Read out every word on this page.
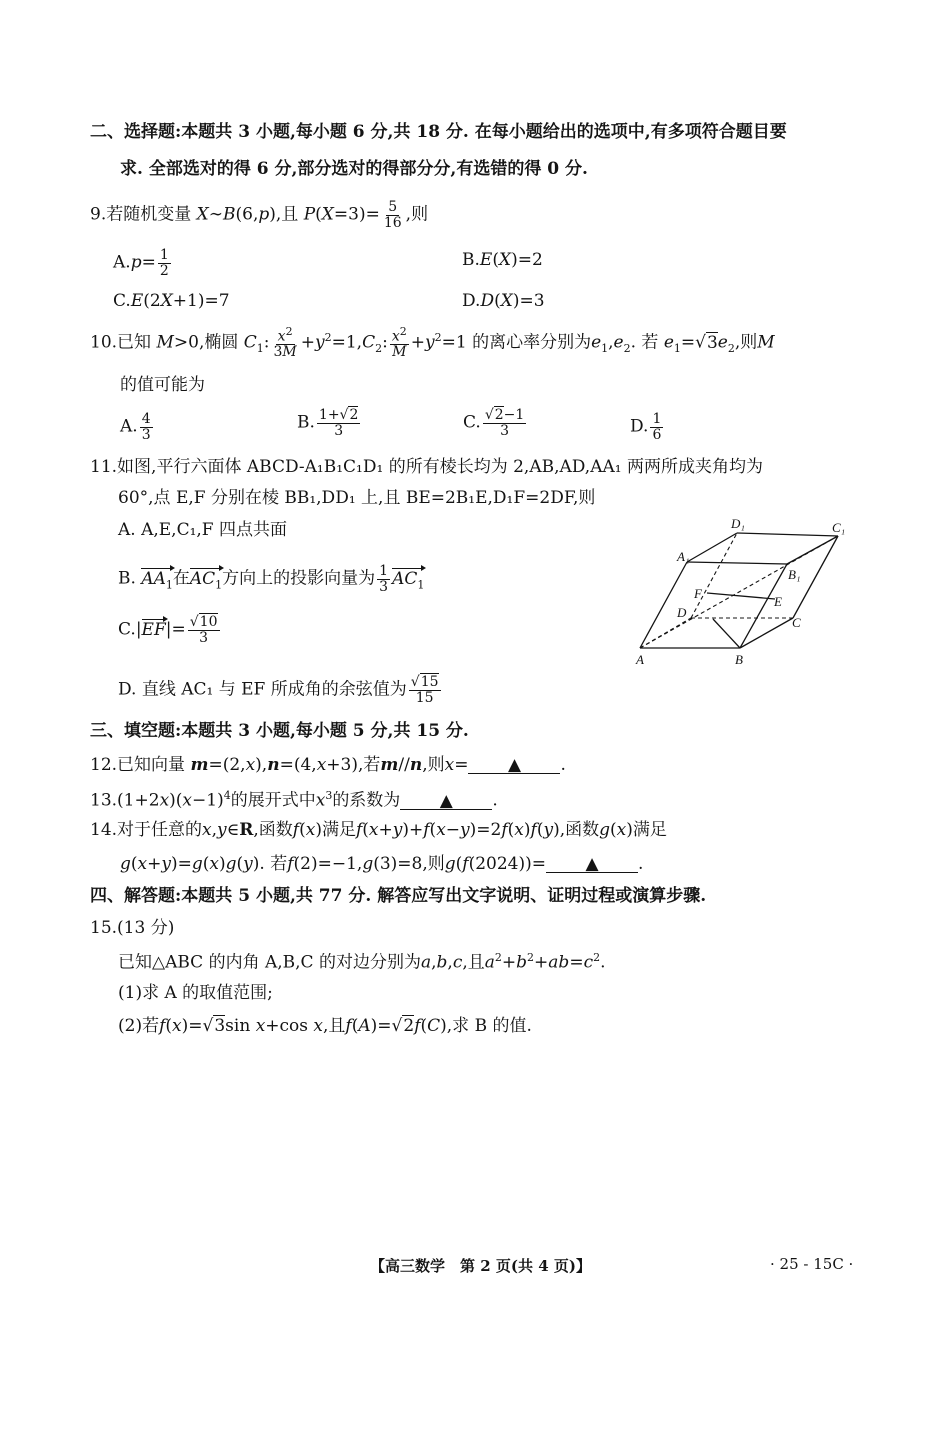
二、选择题:本题共 3 小题,每小题 6 分,共 18 分. 在每小题给出的选项中,有多项符合题目要
求. 全部选对的得 6 分,部分选对的得部分分,有选错的得 0 分.
9.若随机变量 X∼B(6,p),且 $P(X=3)= \frac{5}{16}$ ,则
$A.p= \frac{1}{2}$	B.E(X)=2
C.E(2X+1)=7	D.D(X)=3
10.已知 M>0,椭圆 $C_1$: $\frac{x^2}{3M} +y^2=1,C_2$: $\frac{x^2}{M} +y^2=1$ 的离心率分别为$e_1,e_2$. 若 $e_1=√3e_2$,则M
的值可能为
A. $\frac{4}{3}$	B. $\frac{1+√2}{3}$	C. $\frac{√2-1}{3}$	D. $\frac{1}{6}$
11.如图,平行六面体 ABCD-A₁B₁C₁D₁ 的所有棱长均为 2,AB,AD,AA₁ 两两所成夹角均为
60°,点 E,F 分别在棱 BB₁,DD₁ 上,且 BE=2B₁E,D₁F=2DF,则
A. A,E,C₁,F 四点共面
B. $AA_1$在$AC_1$方向上的投影向量为 $\frac{1}{3} AC_1$
$C.|EF|= \frac{√10}{3}$
D. 直线 AC₁ 与 EF 所成角的余弦值为 $\frac{√15}{15}$
D₁	C₁
A₁
B₁
F
E
D
C
A	B
三、填空题:本题共 3 小题,每小题 5 分,共 15 分.
12.已知向量 m=(2,x),n=(4,x+3),若m//n,则x= ▲ .
$13.(1+2x)(x-1)^4$的展开式中$x^3$的系数为 ▲ .
14.对于任意的x,y∈R,函数f(x)满足f(x+y)+f(x−y)=2f(x)f(y),函数g(x)满足
g(x+y)=g(x)g(y). 若f(2)=−1,g(3)=8,则g(f(2024))= ▲ .
四、解答题:本题共 5 小题,共 77 分. 解答应写出文字说明、证明过程或演算步骤.
15.(13 分)
已知△ABC 的内角 A,B,C 的对边分别为a,b,c,且$a^2+b^2+ab=c^2$.
(1)求 A 的取值范围;
(2)若f(x)=√3sin x+cos x,且f(A)=√2f(C),求 B 的值.
【高三数学　第 2 页(共 4 页)】	· 25 - 15C ·
